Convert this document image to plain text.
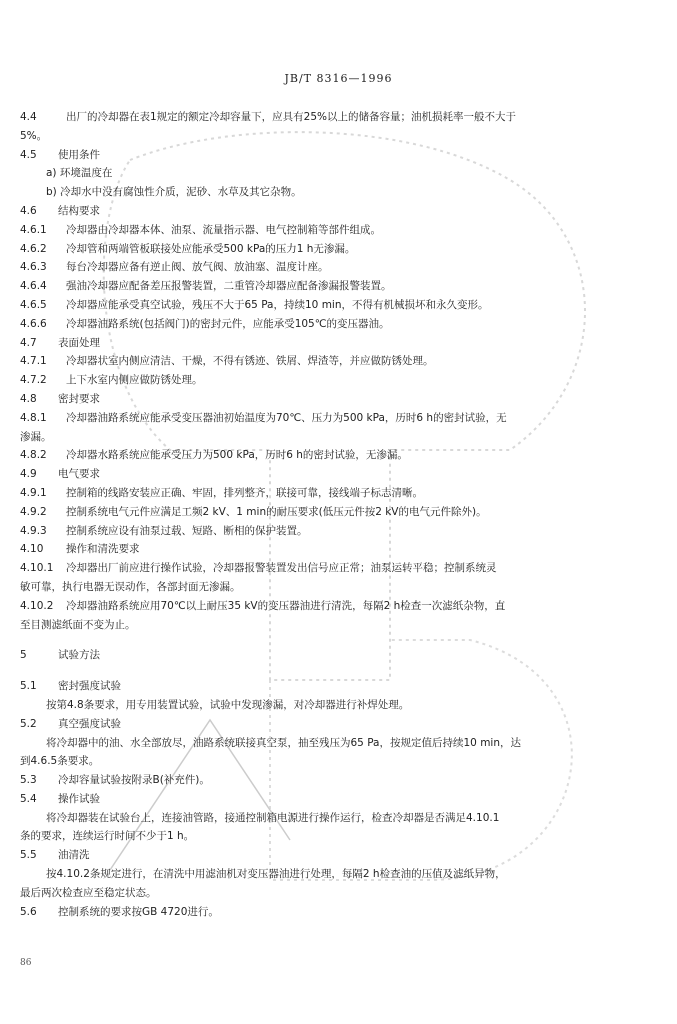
JB/T 8316—1996
4.4	出厂的冷却器在表1规定的额定冷却容量下，应具有25%以上的储备容量；油机损耗率一般不大于
5%。
4.5 使用条件
a) 环境温度在
b) 冷却水中没有腐蚀性介质，泥砂、水草及其它杂物。
4.6 结构要求
4.6.1 冷却器由冷却器本体、油泵、流量指示器、电气控制箱等部件组成。
4.6.2 冷却管和两端管板联接处应能承受500 kPa的压力1 h无渗漏。
4.6.3 每台冷却器应备有逆止阀、放气阀、放油塞、温度计座。
4.6.4 强油冷却器应配备差压报警装置，二重管冷却器应配备渗漏报警装置。
4.6.5 冷却器应能承受真空试验，残压不大于65 Pa，持续10 min，不得有机械损坏和永久变形。
4.6.6 冷却器油路系统(包括阀门)的密封元件，应能承受105℃的变压器油。
4.7 表面处理
4.7.1 冷却器状室内侧应清洁、干燥，不得有锈迹、铁屑、焊渣等，并应做防锈处理。
4.7.2 上下水室内侧应做防锈处理。
4.8 密封要求
4.8.1 冷却器油路系统应能承受变压器油初始温度为70℃、压力为500 kPa，历时6 h的密封试验，无
渗漏。
4.8.2 冷却器水路系统应能承受压力为500 kPa，历时6 h的密封试验，无渗漏。
4.9 电气要求
4.9.1 控制箱的线路安装应正确、牢固，排列整齐，联接可靠，接线端子标志清晰。
4.9.2 控制系统电气元件应满足工频2 kV、1 min的耐压要求(低压元件按2 kV的电气元件除外)。
4.9.3 控制系统应设有油泵过载、短路、断相的保护装置。
4.10 操作和清洗要求
4.10.1 冷却器出厂前应进行操作试验，冷却器报警装置发出信号应正常；油泵运转平稳；控制系统灵
敏可靠，执行电器无误动作，各部封面无渗漏。
4.10.2 冷却器油路系统应用70℃以上耐压35 kV的变压器油进行清洗，每隔2 h检查一次滤纸杂物，直
至目测滤纸面不变为止。
5	试验方法
5.1 密封强度试验
按第4.8条要求，用专用装置试验，试验中发现渗漏，对冷却器进行补焊处理。
5.2 真空强度试验
将冷却器中的油、水全部放尽，油路系统联接真空泵，抽至残压为65 Pa，按规定值后持续10 min，达
到4.6.5条要求。
5.3 冷却容量试验按附录B(补充件)。
5.4 操作试验
将冷却器装在试验台上，连接油管路，接通控制箱电源进行操作运行，检查冷却器是否满足4.10.1
条的要求，连续运行时间不少于1 h。
5.5 油清洗
按4.10.2条规定进行，在清洗中用滤油机对变压器油进行处理，每隔2 h检查油的压值及滤纸异物，
最后两次检查应至稳定状态。
5.6 控制系统的要求按GB 4720进行。
86
